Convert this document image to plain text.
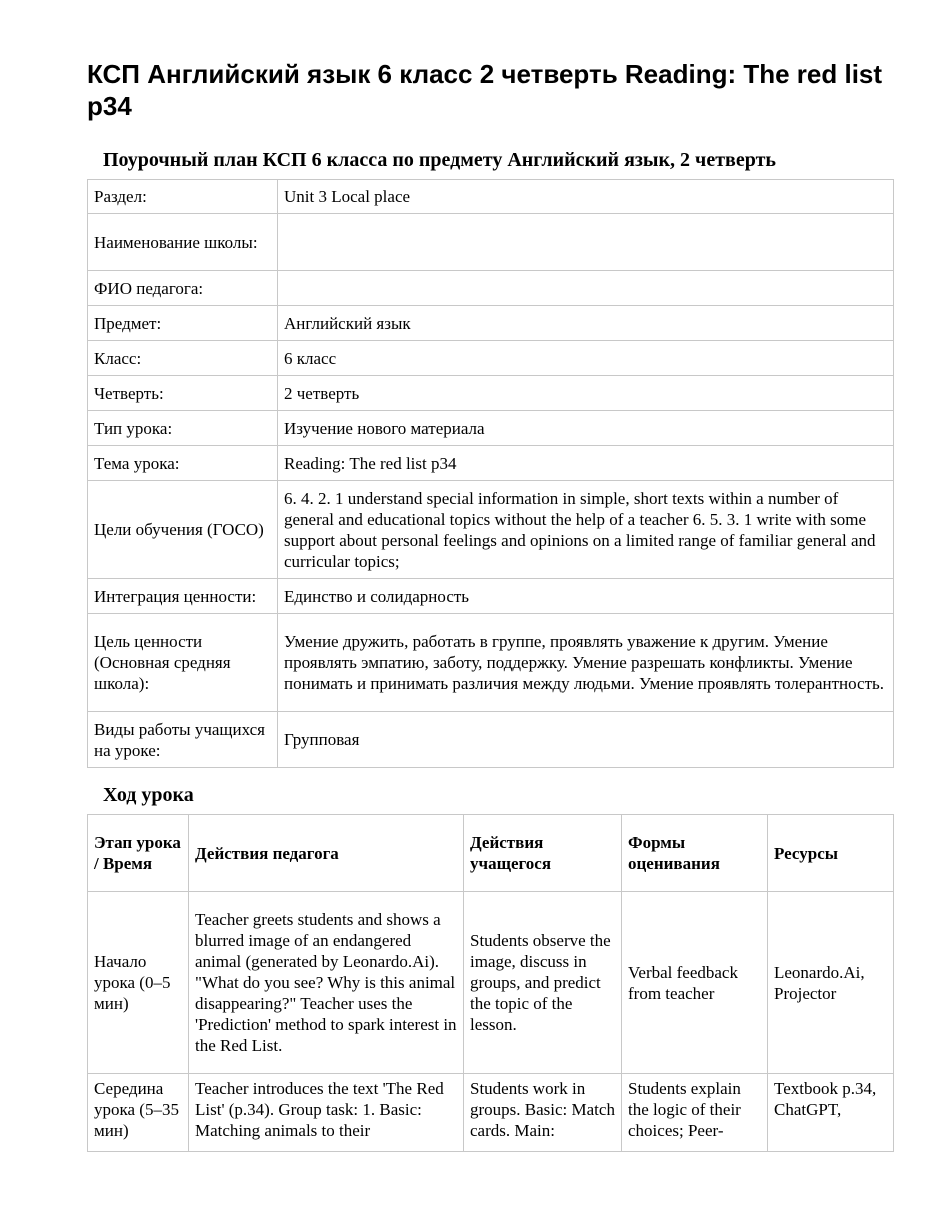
КСП Английский язык 6 класс 2 четверть Reading: The red list p34
Поурочный план КСП 6 класса по предмету Английский язык, 2 четверть
Раздел:	Unit 3 Local place
Наименование школы:	
ФИО педагога:	
Предмет:	Английский язык
Класс:	6 класс
Четверть:	2 четверть
Тип урока:	Изучение нового материала
Тема урока:	Reading: The red list p34
Цели обучения (ГОСО)	6. 4. 2. 1 understand special information in simple, short texts within a number of general and educational topics without the help of a teacher 6. 5. 3. 1 write with some support about personal feelings and opinions on a limited range of familiar general and curricular topics;
Интеграция ценности:	Единство и солидарность
Цель ценности (Основная средняя школа):	Умение дружить, работать в группе, проявлять уважение к другим. Умение проявлять эмпатию, заботу, поддержку. Умение разрешать конфликты. Умение понимать и принимать различия между людьми. Умение проявлять толерантность.
Виды работы учащихся на уроке:	Групповая
Ход урока
Этап урока / Время	Действия педагога	Действия учащегося	Формы оценивания	Ресурсы
Начало урока (0–5 мин)	Teacher greets students and shows a blurred image of an endangered animal (generated by Leonardo.Ai). "What do you see? Why is this animal disappearing?" Teacher uses the 'Prediction' method to spark interest in the Red List.	Students observe the image, discuss in groups, and predict the topic of the lesson.	Verbal feedback from teacher	Leonardo.Ai, Projector
Середина урока (5–35 мин)	Teacher introduces the text 'The Red List' (p.34). Group task: 1. Basic: Matching animals to their	Students work in groups. Basic: Match cards. Main:	Students explain the logic of their choices; Peer-	Textbook p.34, ChatGPT,
